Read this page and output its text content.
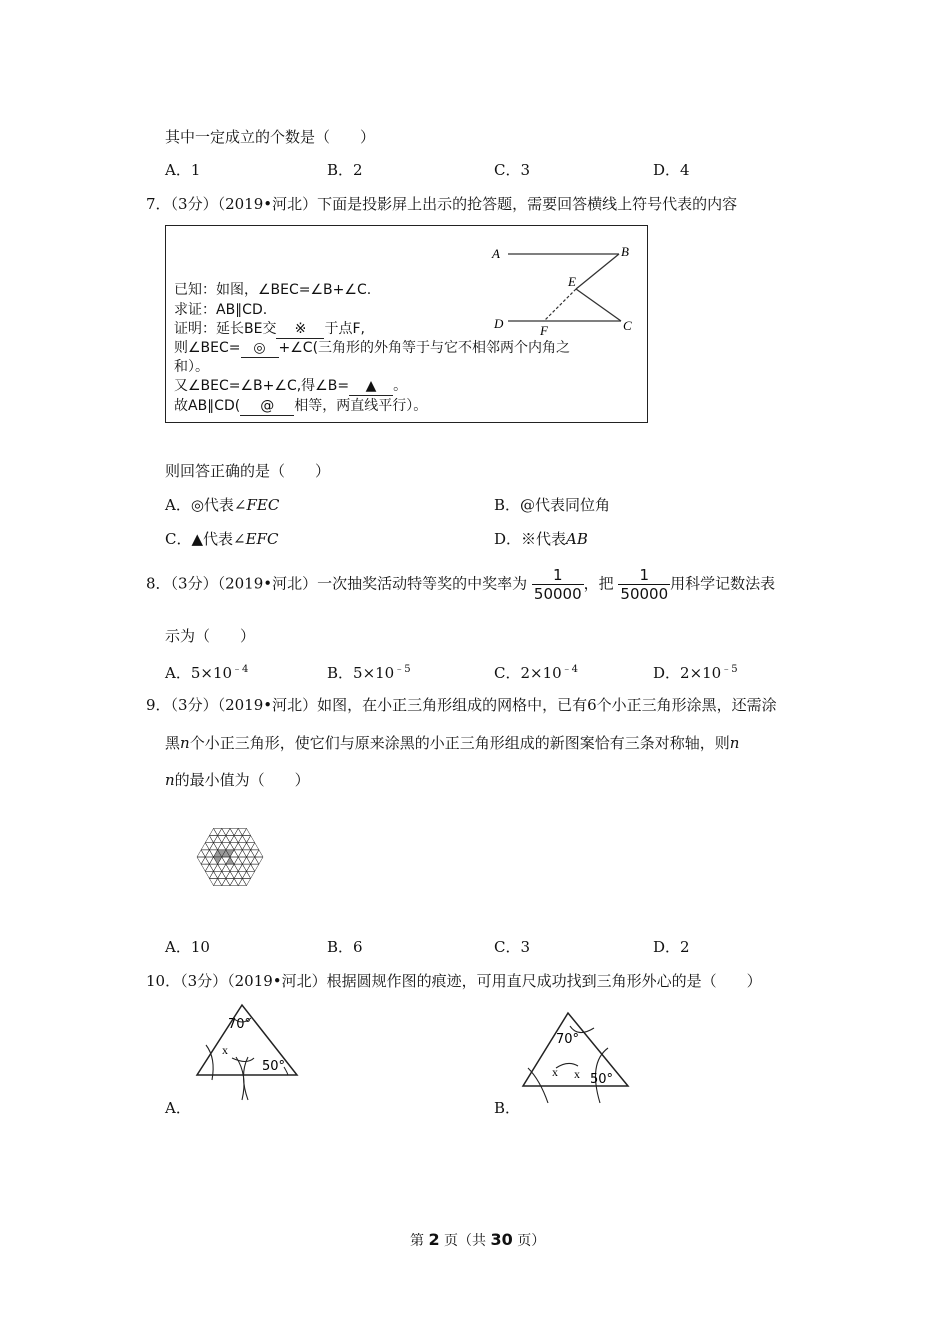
其中一定成立的个数是（　　）
A．1	B．2	C．3	D．4
7．（3分）（2019•河北）下面是投影屏上出示的抢答题，需要回答横线上符号代表的内容
已知：如图，∠BEC=∠B+∠C.
求证：AB∥CD.
证明：延长BE交 ※ 于点F,
则∠BEC= ◎ +∠C(三角形的外角等于与它不相邻两个内角之
和）。
又∠BEC=∠B+∠C,得∠B= ▲ 。
故AB∥CD( @ 相等，两直线平行）。
A	B
E
D	F	C
则回答正确的是（　　）
A．◎代表∠FEC	B．@代表同位角
C．▲代表∠EFC	D．※代表AB
8．（3分）（2019•河北）一次抽奖活动特等奖的中奖率为 $\frac{1}{50000}$ ，把 $\frac{1}{50000}$ 用科学记数法表
示为（　　）
A．$5\times 10^{﹣4}$	B．$5\times 10^{﹣5}$	C．$2\times 10^{﹣4}$	D．$2\times 10^{﹣5}$
9．（3分）（2019•河北）如图，在小正三角形组成的网格中，已有6个小正三角形涂黑，还需涂
黑n个小正三角形，使它们与原来涂黑的小正三角形组成的新图案恰有三条对称轴，则n
n的最小值为（　　）
A．10	B．6	C．3	D．2
10．（3分）（2019•河北）根据圆规作图的痕迹，可用直尺成功找到三角形外心的是（　　）
x
70°
50°
A．
x x
70°
50°
B．
第 2 页（共 30 页）
